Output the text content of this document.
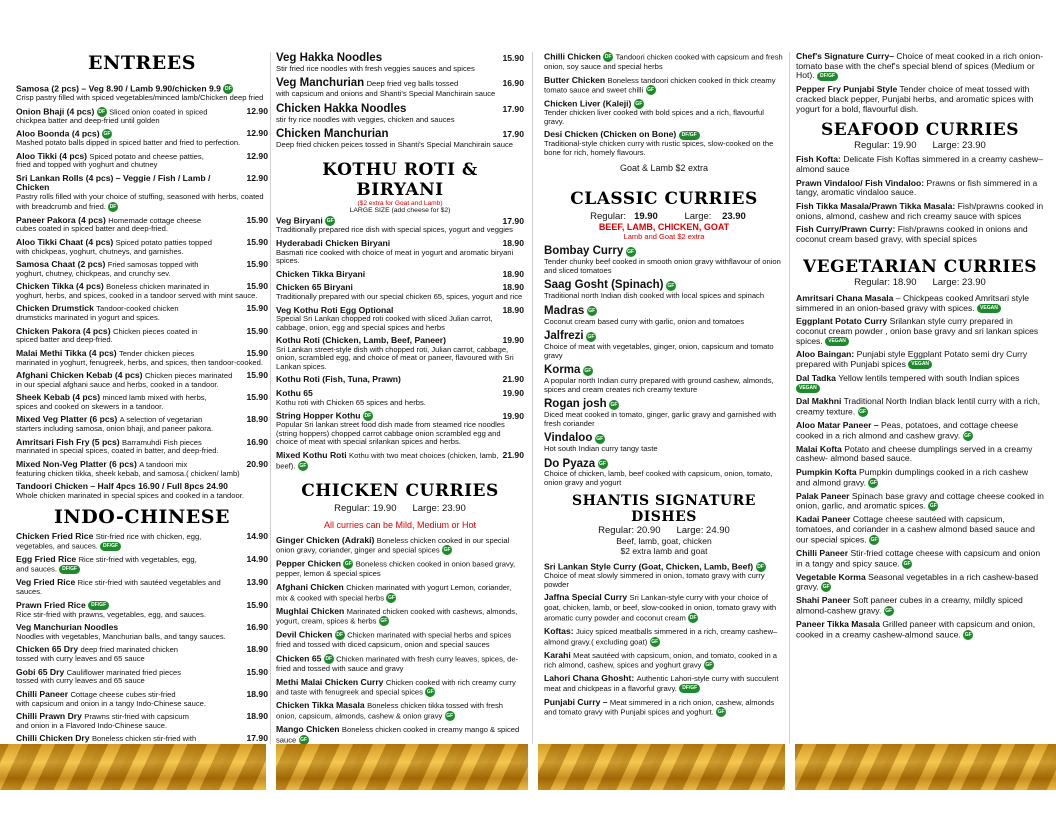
ENTREES
Samosa (2 pcs) – Veg 8.90 / Lamb 9.90/chicken 9.9 DF
Crisp pastry filled with spiced vegetables/minced lamb/Chicken deep fried
Onion Bhaji (4 pcs) DF Sliced onion coated in spiced	12.90
chickpea batter and deep-fried until golden
Aloo Boonda (4 pcs) GF	12.90
Mashed potato balls dipped in spiced batter and fried to perfection.
Aloo Tikki (4 pcs) Spiced potato and cheese patties,	12.90
fried and topped with yoghurt and chutney
Sri Lankan Rolls (4 pcs) – Veggie / Fish / Lamb / Chicken
12.90
Pastry rolls filled with your choice of stuffing, seasoned with herbs, coated with breadcrumb and fried. DF
Paneer Pakora (4 pcs) Homemade cottage cheese	15.90
cubes coated in spiced batter and deep-fried.
Aloo Tikki Chaat (4 pcs) Spiced potato patties topped	15.90
with chickpeas, yoghurt, chutneys, and garnishes.
Samosa Chaat (2 pcs) Fried samosas topped with	15.90
yoghurt, chutney, chickpeas, and crunchy sev.
Chicken Tikka (4 pcs) Boneless chicken marinated in	15.90
yoghurt, herbs, and spices, cooked in a tandoor served with mint sauce.
Chicken Drumstick Tandoor-cooked chicken	15.90
drumsticks marinated in yogurt and spices.
Chicken Pakora (4 pcs) Chicken pieces coated in	15.90
spiced batter and deep-fried.
Malai Methi Tikka (4 pcs) Tender chicken pieces	15.90
marinated in yoghurt, fenugreek, herbs, and spices, then tandoor-cooked.
Afghani Chicken Kebab (4 pcs) Chicken pieces marinated	15.90
in our special afghani sauce and herbs, cooked in a tandoor.
Sheek Kebab (4 pcs) minced lamb mixed with herbs,	15.90
spices and cooked on skewers in a tandoor.
Mixed Veg Platter (6 pcs) A selection of vegetarian	18.90
starters including samosa, onion bhaji, and paneer pakora.
Amritsari Fish Fry (5 pcs) Barramuhdi Fish pieces	16.90
marinated in special spices, coated in batter, and deep-fried.
Mixed Non-Veg Platter (6 pcs) A tandoori mix	20.90
featuring chicken tikka, sheek kebab, and samosa.( chicken/ lamb)
Tandoori Chicken – Half 4pcs 16.90 / Full 8pcs 24.90
Whole chicken marinated in special spices and cooked in a tandoor.
INDO-CHINESE
Chicken Fried Rice Stir-fried rice with chicken, egg,	14.90
vegetables, and sauces. DF/GF
Egg Fried Rice Rice stir-fried with vegetables, egg,	14.90
and sauces. DF/GF
Veg Fried Rice Rice stir-fried with sautéed vegetables and sauces.
13.90
Prawn Fried Rice DF/GF	15.90
Rice stir-fried with prawns, vegetables, egg, and sauces.
Veg Manchurian Noodles	16.90
Noodles with vegetables, Manchurian balls, and tangy sauces.
Chicken 65 Dry deep fried marinated chicken	18.90
tossed with curry leaves and 65 sauce
Gobi 65 Dry Cauliflower marinated fried pieces	15.90
tossed with curry leaves and 65 sauce
Chilli Paneer Cottage cheese cubes stir-fried	18.90
with capsicum and onion in a tangy Indo-Chinese sauce.
Chilli Prawn Dry Prawns stir-fried with capsicum	18.90
and onion in a Flavored Indo-Chinese sauce.
Chilli Chicken Dry Boneless chicken stir-fried with	17.90
Veg Hakka Noodles	15.90
Stir fried rice noodles with fresh veggies sauces and spices
Veg Manchurian Deep fried veg balls tossed	16.90
with capsicum and onions and Shanti's Special Manchirain sauce
Chicken Hakka Noodles	17.90
stir fry rice noodles with veggies, chicken and sauces
Chicken Manchurian	17.90
Deep fried chicken peices tossed in Shanti's Special Manchirain sauce
KOTHU ROTI & BIRYANI
($2 extra for Goat and Lamb)
LARGE SIZE (add cheese for $2)
Veg Biryani GF	17.90
Traditionally prepared rice dish with special spices, yogurt and veggies
Hyderabadi Chicken Biryani	18.90
Basmati rice cooked with choice of meat in yogurt and aromatic biryani spices.
Chicken Tikka Biryani	18.90
Chicken 65 Biryani	18.90
Traditionally prepared with our special chicken 65, spices, yogurt and rice
Veg Kothu Roti Egg Optional	18.90
Special Sri Lankan chopped roti cooked with sliced Julian carrot, cabbage, onion, egg and special spices and herbs
Kothu Roti (Chicken, Lamb, Beef, Paneer)	19.90
Sri Lankan street-style dish with chopped roti, Julian carrot, cabbage, onion, scrambled egg, and choice of meat or paneer, flavoured with Sri Lankan spices.
Kothu Roti (Fish, Tuna, Prawn)	21.90
Kothu 65	19.90
Kothu roti with Chicken 65 spices and herbs.
String Hopper Kothu DF	19.90
Popular Sri lankan street food dish made from steamed rice noodles (string hoppers) chopped carrot cabbage onion scrambled egg and choice of meat with special srilankan spices and herbs.
Mixed Kothu Roti Kothu with two meat choices (chicken, lamb, beef). GF
21.90
CHICKEN CURRIES
Regular: 19.90 Large: 23.90
All curries can be Mild, Medium or Hot
Ginger Chicken (Adraki) Boneless chicken cooked in our special onion gravy, coriander, ginger and special spices GF
Pepper Chicken GF Boneless chicken cooked in onion based gravy, pepper, lemon & special spices
Afghani Chicken Chicken marinated with yogurt Lemon, coriander, mix & cooked with special herbs GF
Mughlai Chicken Marinated chicken cooked with cashews, almonds, yogurt, cream, spices & herbs GF
Devil Chicken DF Chicken marinated with special herbs and spices fried and tossed with diced capsicum, onion and special sauces
Chicken 65 DF Chicken marinated with fresh curry leaves, spices, de-fried and tossed with sauce and gravy
Methi Malai Chicken Curry Chicken cooked with rich creamy curry and taste with fenugreek and special spices GF
Chicken Tikka Masala Boneless chicken tikka tossed with fresh onion, capsicum, almonds, cashew & onion gravy GF
Mango Chicken Boneless chicken cooked in creamy mango & spiced sauce GF
Chilli Chicken DF Tandoori chicken cooked with capsicum and fresh onion, soy sauce and special herbs
Butter Chicken Boneless tandoori chicken cooked in thick creamy tomato sauce and sweet chilli GF
Chicken Liver (Kaleji) GF
Tender chicken liver cooked with bold spices and a rich, flavourful gravy.
Desi Chicken (Chicken on Bone) DF/GF
Traditional-style chicken curry with rustic spices, slow-cooked on the bone for rich, homely flavours.
Goat & Lamb $2 extra
CLASSIC CURRIES
Regular: 19.90	Large: 23.90
BEEF, LAMB, CHICKEN, GOAT
Lamb and Goat $2 extra
Bombay Curry GF
Tender chunky beef cooked in smooth onion gravy withflavour of onion and sliced tomatoes
Saag Gosht (Spinach) GF
Traditional north Indian dish cooked with local spices and spinach
Madras GF
Coconut cream based curry with garlic, onion and tomatoes
Jalfrezi GF
Choice of meat with vegetables, ginger, onion, capsicum and tomato gravy
Korma GF
A popular north Indian curry prepared with ground cashew, almonds, spices and cream creates rich creamy texture
Rogan josh GF
Diced meat cooked in tomato, ginger, garlic gravy and garnished with fresh coriander
Vindaloo GF
Hot south Indian curry tangy taste
Do Pyaza GF
Choice of chicken, lamb, beef cooked with capsicum, onion, tomato, onion gravy and yogurt
SHANTIS SIGNATURE DISHES
Regular: 20.90 Large: 24.90
Beef, lamb, goat, chicken
$2 extra lamb and goat
Sri Lankan Style Curry (Goat, Chicken, Lamb, Beef) DF
Choice of meat slowly simmered in onion, tomato gravy with curry powder
Jaffna Special Curry Sri Lankan-style curry with your choice of goat, chicken, lamb, or beef, slow-cooked in onion, tomato gravy with aromatic curry powder and coconut cream DF
Koftas: Juicy spiced meatballs simmered in a rich, creamy cashew–almond gravy.( excluding goat) GF
Karahi Meat sautéed with capsicum, onion, and tomato, cooked in a rich almond, cashew, spices and yoghurt gravy GF
Lahori Chana Ghosht: Authentic Lahori-style curry with succulent meat and chickpeas in a flavorful gravy. DF/GF
Punjabi Curry – Meat simmered in a rich onion, cashew, almonds and tomato gravy with Punjabi spices and yoghurt. GF
Chef's Signature Curry– Choice of meat cooked in a rich onion-tomato base with the chef's special blend of spices (Medium or Hot). DF/GF
Pepper Fry Punjabi Style Tender choice of meat tossed with cracked black pepper, Punjabi herbs, and aromatic spices with yogurt for a bold, flavourful dish.
SEAFOOD CURRIES
Regular: 19.90 Large: 23.90
Fish Kofta: Delicate Fish Koftas simmered in a creamy cashew–almond sauce
Prawn Vindaloo/ Fish Vindaloo: Prawns or fish simmered in a tangy, aromatic vindaloo sauce.
Fish Tikka Masala/Prawn Tikka Masala: Fish/prawns cooked in onions, almond, cashew and rich creamy sauce with spices
Fish Curry/Prawn Curry: Fish/prawns cooked in onions and coconut cream based gravy, with special spices
VEGETARIAN CURRIES
Regular: 18.90 Large: 23.90
Amritsari Chana Masala – Chickpeas cooked Amritsari style simmered in an onion-based gravy with spices. VEGAN
Eggplant Potato Curry Srilankan style curry prepared in coconut cream powder , onion base gravy and sri lankan spices spices. VEGAN
Aloo Baingan: Punjabi style Eggplant Potato semi dry Curry prepared with Punjabi spices VEGAN
Dal Tadka Yellow lentils tempered with south Indian spices VEGAN
Dal Makhni Traditional North Indian black lentil curry with a rich, creamy texture. GF
Aloo Matar Paneer – Peas, potatoes, and cottage cheese cooked in a rich almond and cashew gravy. GF
Malai Kofta Potato and cheese dumplings served in a creamy cashew- almond based sauce.
Pumpkin Kofta Pumpkin dumplings cooked in a rich cashew and almond gravy. GF
Palak Paneer Spinach base gravy and cottage cheese cooked in onion, garlic, and aromatic spices. GF
Kadai Paneer Cottage cheese sautéed with capsicum, tomatoes, and coriander in a cashew almond based sauce and our special spices. GF
Chilli Paneer Stir-fried cottage cheese with capsicum and onion in a tangy and spicy sauce. GF
Vegetable Korma Seasonal vegetables in a rich cashew-based gravy. GF
Shahi Paneer Soft paneer cubes in a creamy, mildly spiced almond-cashew gravy. GF
Paneer Tikka Masala Grilled paneer with capsicum and onion, cooked in a creamy cashew-almond sauce. GF
